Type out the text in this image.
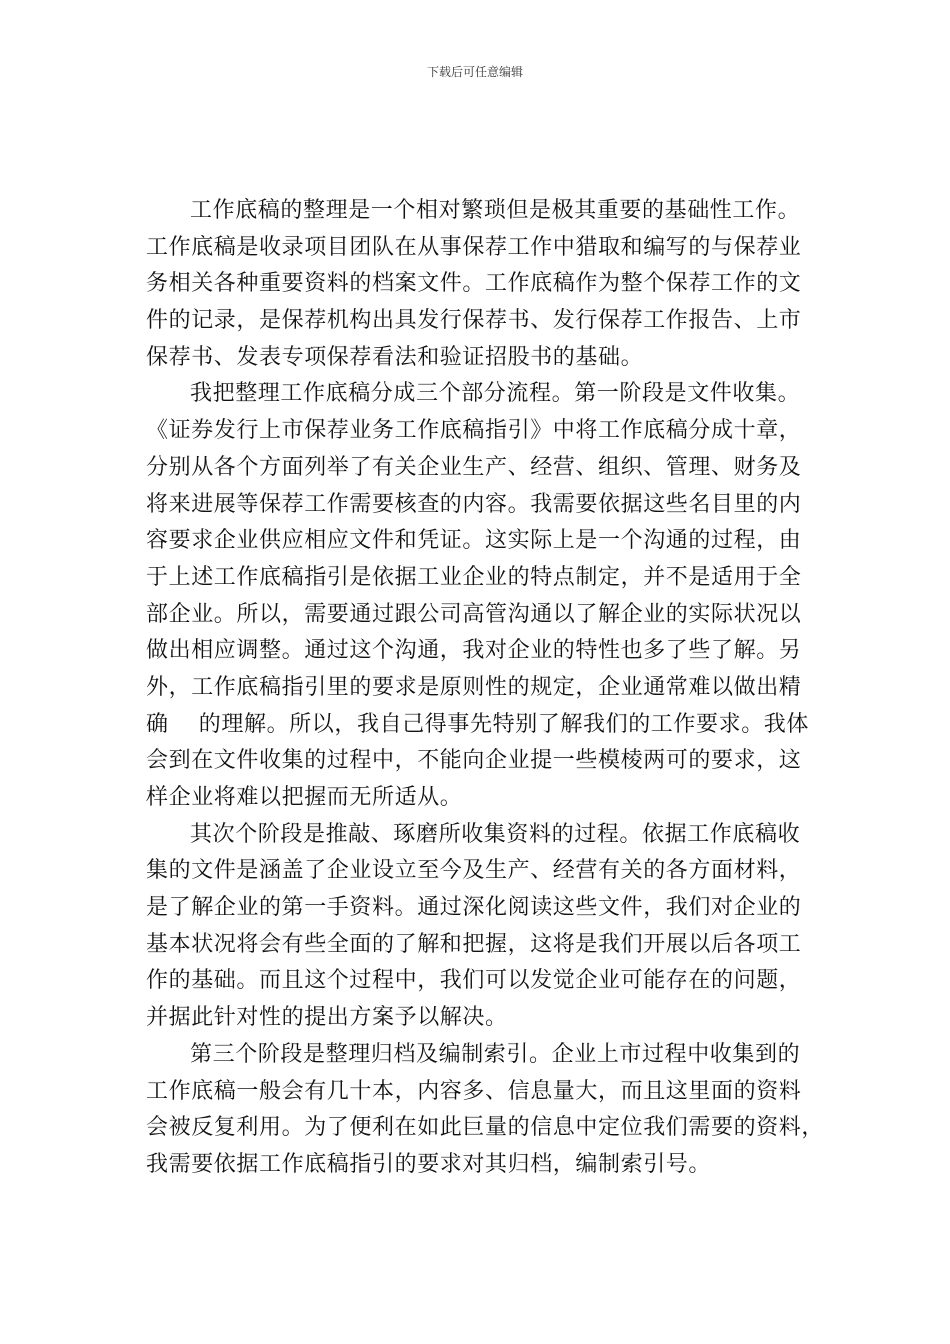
下载后可任意编辑
工作底稿的整理是一个相对繁琐但是极其重要的基础性工作。
工作底稿是收录项目团队在从事保荐工作中猎取和编写的与保荐业
务相关各种重要资料的档案文件。工作底稿作为整个保荐工作的文
件的记录，是保荐机构出具发行保荐书、发行保荐工作报告、上市
保荐书、发表专项保荐看法和验证招股书的基础。
我把整理工作底稿分成三个部分流程。第一阶段是文件收集。
《证券发行上市保荐业务工作底稿指引》中将工作底稿分成十章，
分别从各个方面列举了有关企业生产、经营、组织、管理、财务及
将来进展等保荐工作需要核查的内容。我需要依据这些名目里的内
容要求企业供应相应文件和凭证。这实际上是一个沟通的过程，由
于上述工作底稿指引是依据工业企业的特点制定，并不是适用于全
部企业。所以，需要通过跟公司高管沟通以了解企业的实际状况以
做出相应调整。通过这个沟通，我对企业的特性也多了些了解。另
外，工作底稿指引里的要求是原则性的规定，企业通常难以做出精
确　 的理解。所以，我自己得事先特别了解我们的工作要求。我体
会到在文件收集的过程中，不能向企业提一些模棱两可的要求，这
样企业将难以把握而无所适从。
其次个阶段是推敲、琢磨所收集资料的过程。依据工作底稿收
集的文件是涵盖了企业设立至今及生产、经营有关的各方面材料，
是了解企业的第一手资料。通过深化阅读这些文件，我们对企业的
基本状况将会有些全面的了解和把握，这将是我们开展以后各项工
作的基础。而且这个过程中，我们可以发觉企业可能存在的问题，
并据此针对性的提出方案予以解决。
第三个阶段是整理归档及编制索引。企业上市过程中收集到的
工作底稿一般会有几十本，内容多、信息量大，而且这里面的资料
会被反复利用。为了便利在如此巨量的信息中定位我们需要的资料，
我需要依据工作底稿指引的要求对其归档，编制索引号。
